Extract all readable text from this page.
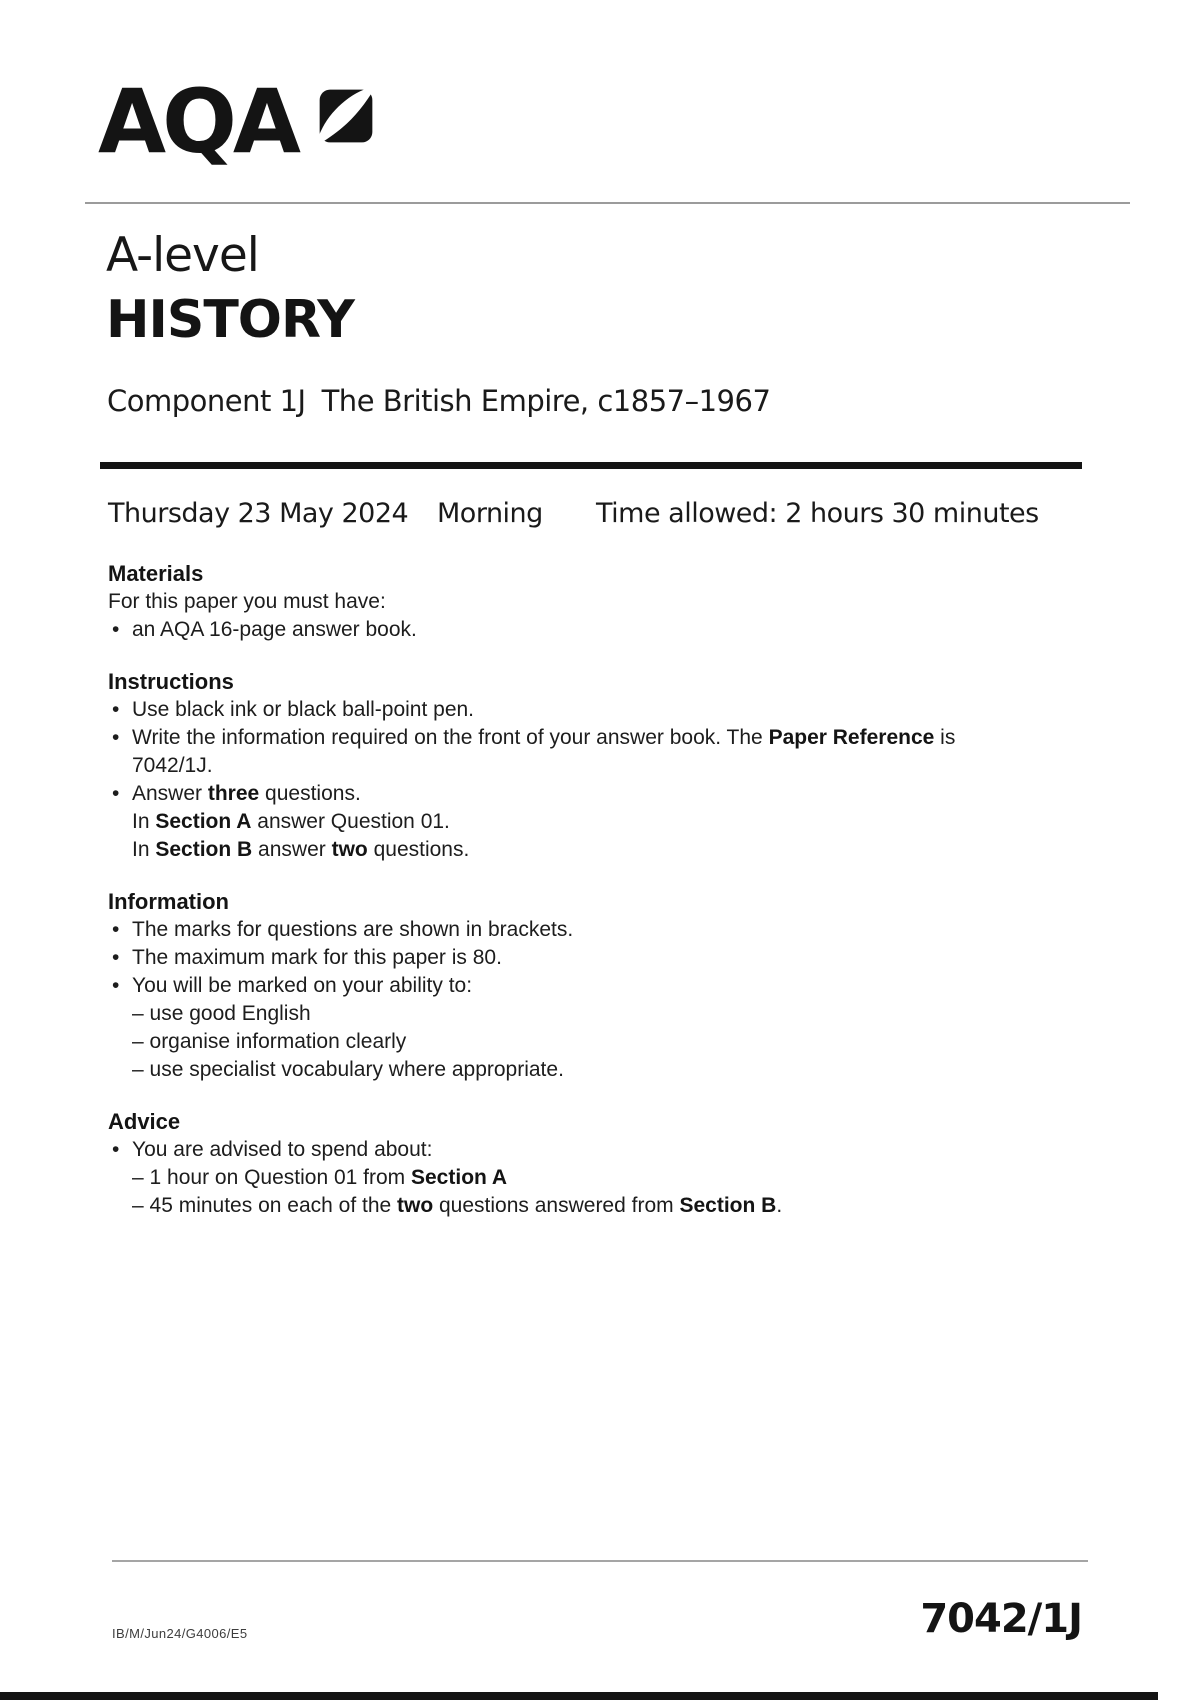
AQA
A-level
HISTORY
Component 1J The British Empire, c1857–1967
Thursday 23 May 2024 Morning Time allowed: 2 hours 30 minutes
Materials

For this paper you must have:

• an AQA 16-page answer book.
Instructions
• Use black ink or black ball-point pen.
• Write the information required on the front of your answer book. The Paper Reference is
7042/1J.
• Answer three questions.
In Section A answer Question 01.
In Section B answer two questions.
Information
• The marks for questions are shown in brackets.
• The maximum mark for this paper is 80.
• You will be marked on your ability to:
– use good English
– organise information clearly
– use specialist vocabulary where appropriate.
Advice
• You are advised to spend about:
– 1 hour on Question 01 from Section A
– 45 minutes on each of the two questions answered from Section B.
IB/M/Jun24/G4006/E5	7042/1J
